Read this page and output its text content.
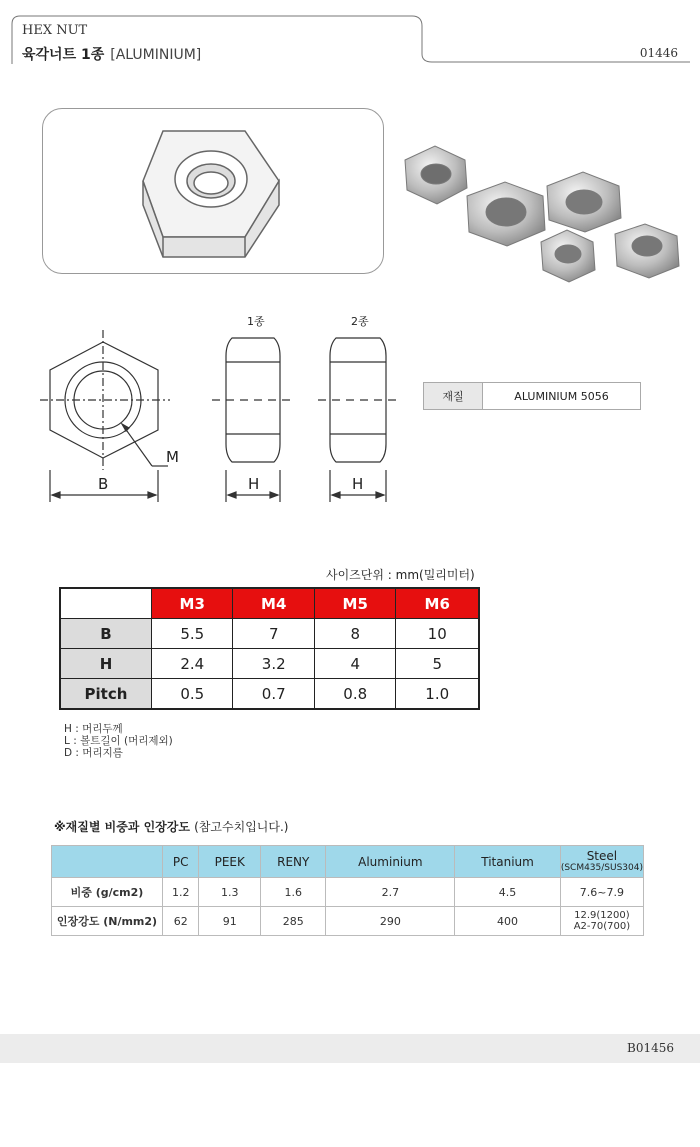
HEX NUT
육각너트 1종 [ALUMINIUM]	01446
1종	2종
B	H	H
M
재질	ALUMINIUM 5056
사이즈단위 : mm(밀리미터)
	M3	M4	M5	M6
B	5.5	7	8	10
H	2.4	3.2	4	5
Pitch	0.5	0.7	0.8	1.0
H : 머리두께
L : 볼트길이 (머리제외)
D : 머리지름
※재질별 비중과 인장강도 (참고수치입니다.)
	PC	PEEK	RENY	Aluminium	Titanium	Steel
(SCM435/SUS304)

비중 (g/cm2)	1.2	1.3	1.6	2.7	4.5	7.6~7.9
인장강도 (N/mm2)	62	91	285	290	400	12.9(1200)
A2-70(700)
B01456
